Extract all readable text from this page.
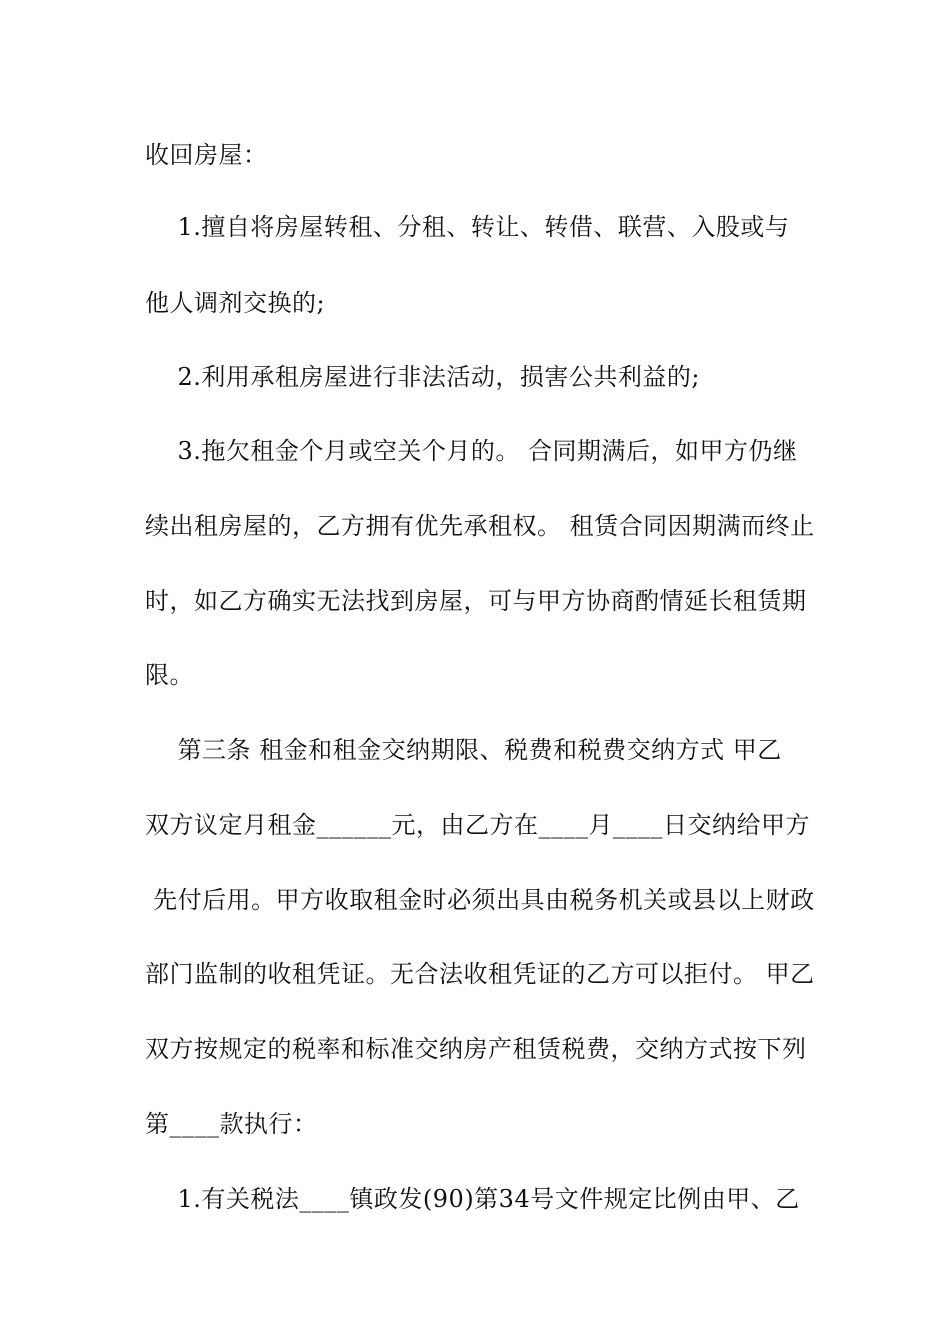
收回房屋：
1.擅自将房屋转租、分租、转让、转借、联营、入股或与
他人调剂交换的;
2.利用承租房屋进行非法活动，损害公共利益的;
3.拖欠租金个月或空关个月的。 合同期满后，如甲方仍继
续出租房屋的，乙方拥有优先承租权。 租赁合同因期满而终止
时，如乙方确实无法找到房屋，可与甲方协商酌情延长租赁期
限。
第三条 租金和租金交纳期限、税费和税费交纳方式 甲乙
双方议定月租金______元，由乙方在____月____日交纳给甲方
先付后用。甲方收取租金时必须出具由税务机关或县以上财政
部门监制的收租凭证。无合法收租凭证的乙方可以拒付。 甲乙
双方按规定的税率和标准交纳房产租赁税费，交纳方式按下列
第____款执行：
1.有关税法____镇政发(90)第34号文件规定比例由甲、乙
